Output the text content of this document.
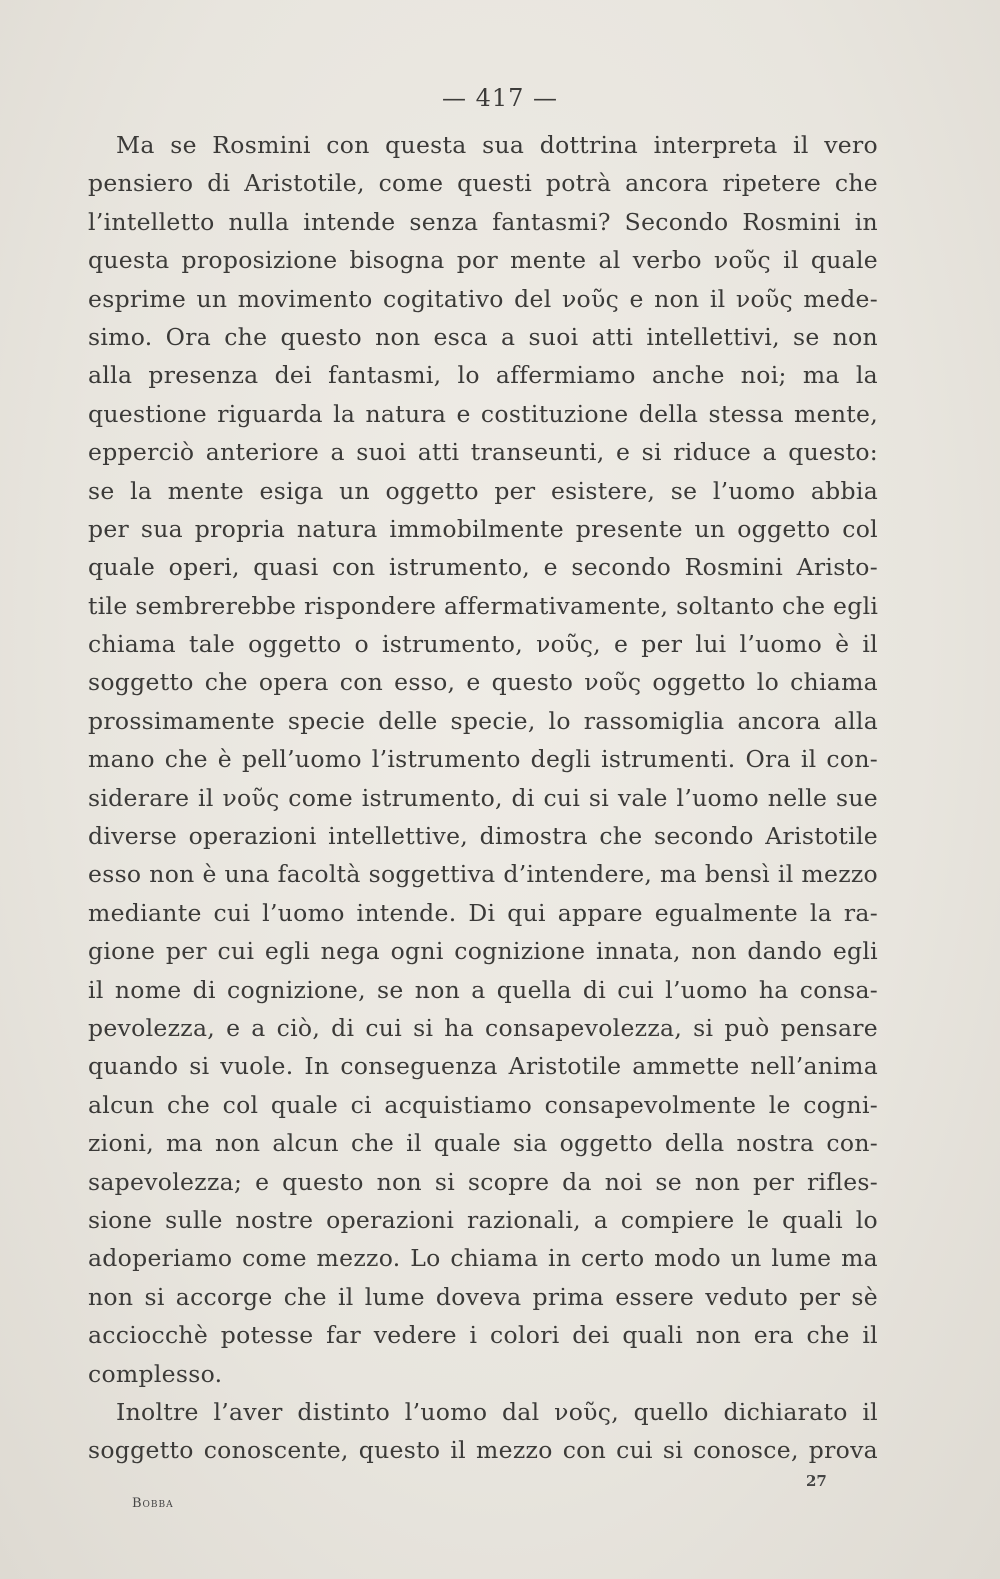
— 417 —
Ma se Rosmini con questa sua dottrina interpreta il vero
pensiero di Aristotile, come questi potrà ancora ripetere che
l’intelletto nulla intende senza fantasmi? Secondo Rosmini in
questa proposizione bisogna por mente al verbo νοῦς il quale
esprime un movimento cogitativo del νοῦς e non il νοῦς mede-
simo. Ora che questo non esca a suoi atti intellettivi, se non
alla presenza dei fantasmi, lo affermiamo anche noi; ma la
questione riguarda la natura e costituzione della stessa mente,
epperciò anteriore a suoi atti transeunti, e si riduce a questo:
se la mente esiga un oggetto per esistere, se l’uomo abbia
per sua propria natura immobilmente presente un oggetto col
quale operi, quasi con istrumento, e secondo Rosmini Aristo-
tile sembrerebbe rispondere affermativamente, soltanto che egli
chiama tale oggetto o istrumento, νοῦς, e per lui l’uomo è il
soggetto che opera con esso, e questo νοῦς oggetto lo chiama
prossimamente specie delle specie, lo rassomiglia ancora alla
mano che è pell’uomo l’istrumento degli istrumenti. Ora il con-
siderare il νοῦς come istrumento, di cui si vale l’uomo nelle sue
diverse operazioni intellettive, dimostra che secondo Aristotile
esso non è una facoltà soggettiva d’intendere, ma bensì il mezzo
mediante cui l’uomo intende. Di qui appare egualmente la ra-
gione per cui egli nega ogni cognizione innata, non dando egli
il nome di cognizione, se non a quella di cui l’uomo ha consa-
pevolezza, e a ciò, di cui si ha consapevolezza, si può pensare
quando si vuole. In conseguenza Aristotile ammette nell’anima
alcun che col quale ci acquistiamo consapevolmente le cogni-
zioni, ma non alcun che il quale sia oggetto della nostra con-
sapevolezza; e questo non si scopre da noi se non per rifles-
sione sulle nostre operazioni razionali, a compiere le quali lo
adoperiamo come mezzo. Lo chiama in certo modo un lume ma
non si accorge che il lume doveva prima essere veduto per sè
acciocchè potesse far vedere i colori dei quali non era che il
complesso.
Inoltre l’aver distinto l’uomo dal νοῦς, quello dichiarato il
soggetto conoscente, questo il mezzo con cui si conosce, prova
27
Bobba
